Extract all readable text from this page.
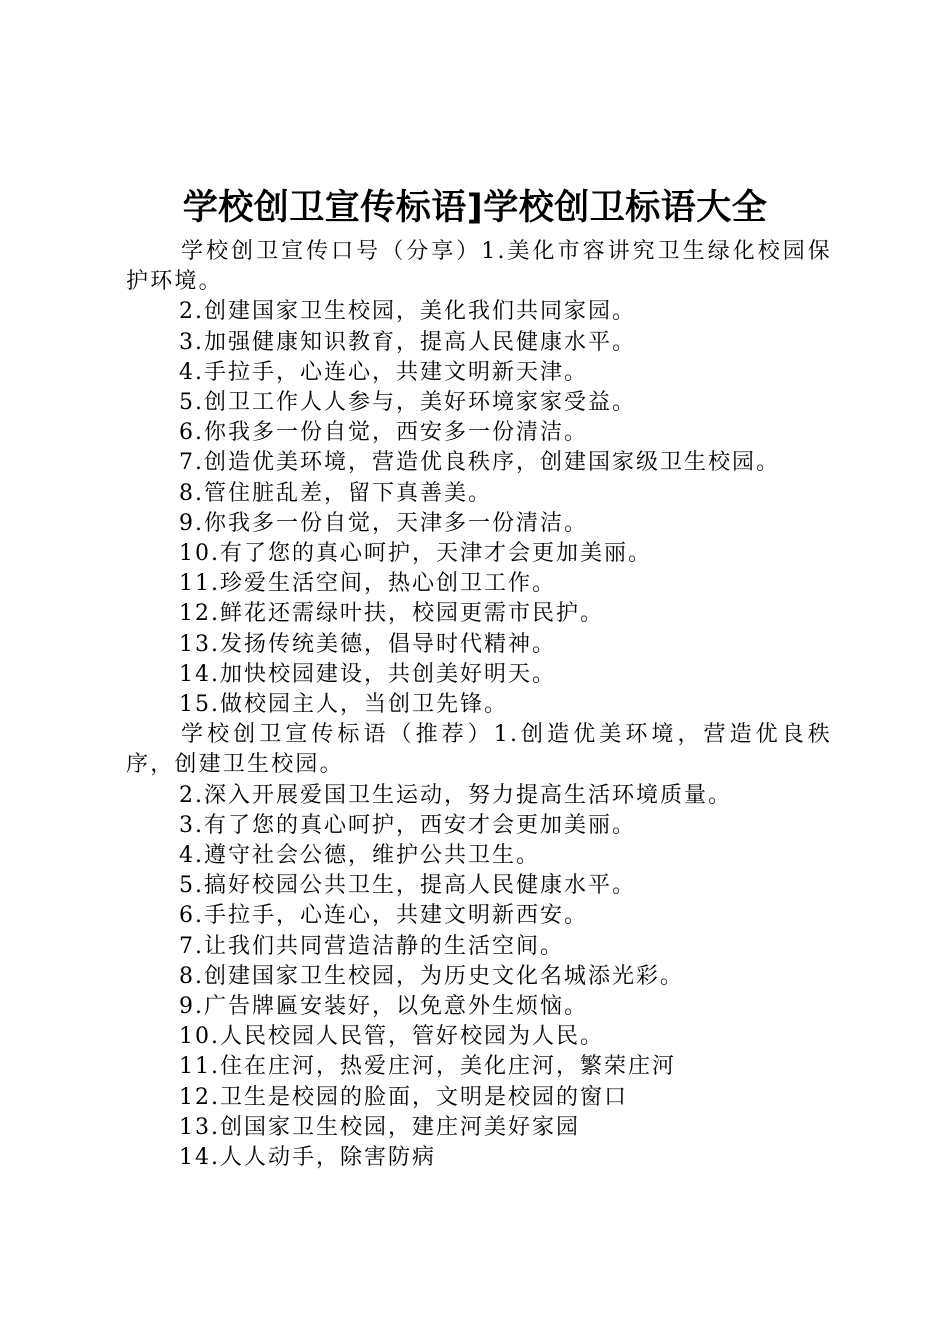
学校创卫宣传标语]学校创卫标语大全

学校创卫宣传口号（分享）1.美化市容讲究卫生绿化校园保护环境。

2.创建国家卫生校园，美化我们共同家园。

3.加强健康知识教育，提高人民健康水平。

4.手拉手，心连心，共建文明新天津。

5.创卫工作人人参与，美好环境家家受益。

6.你我多一份自觉，西安多一份清洁。

7.创造优美环境，营造优良秩序，创建国家级卫生校园。

8.管住脏乱差，留下真善美。

9.你我多一份自觉，天津多一份清洁。

10.有了您的真心呵护，天津才会更加美丽。

11.珍爱生活空间，热心创卫工作。

12.鲜花还需绿叶扶，校园更需市民护。

13.发扬传统美德，倡导时代精神。

14.加快校园建设，共创美好明天。

15.做校园主人，当创卫先锋。

学校创卫宣传标语（推荐）1.创造优美环境，营造优良秩序，创建卫生校园。

2.深入开展爱国卫生运动，努力提高生活环境质量。

3.有了您的真心呵护，西安才会更加美丽。

4.遵守社会公德，维护公共卫生。

5.搞好校园公共卫生，提高人民健康水平。

6.手拉手，心连心，共建文明新西安。

7.让我们共同营造洁静的生活空间。

8.创建国家卫生校园，为历史文化名城添光彩。

9.广告牌匾安装好，以免意外生烦恼。

10.人民校园人民管，管好校园为人民。

11.住在庄河，热爱庄河，美化庄河，繁荣庄河

12.卫生是校园的脸面，文明是校园的窗口

13.创国家卫生校园，建庄河美好家园

14.人人动手，除害防病
